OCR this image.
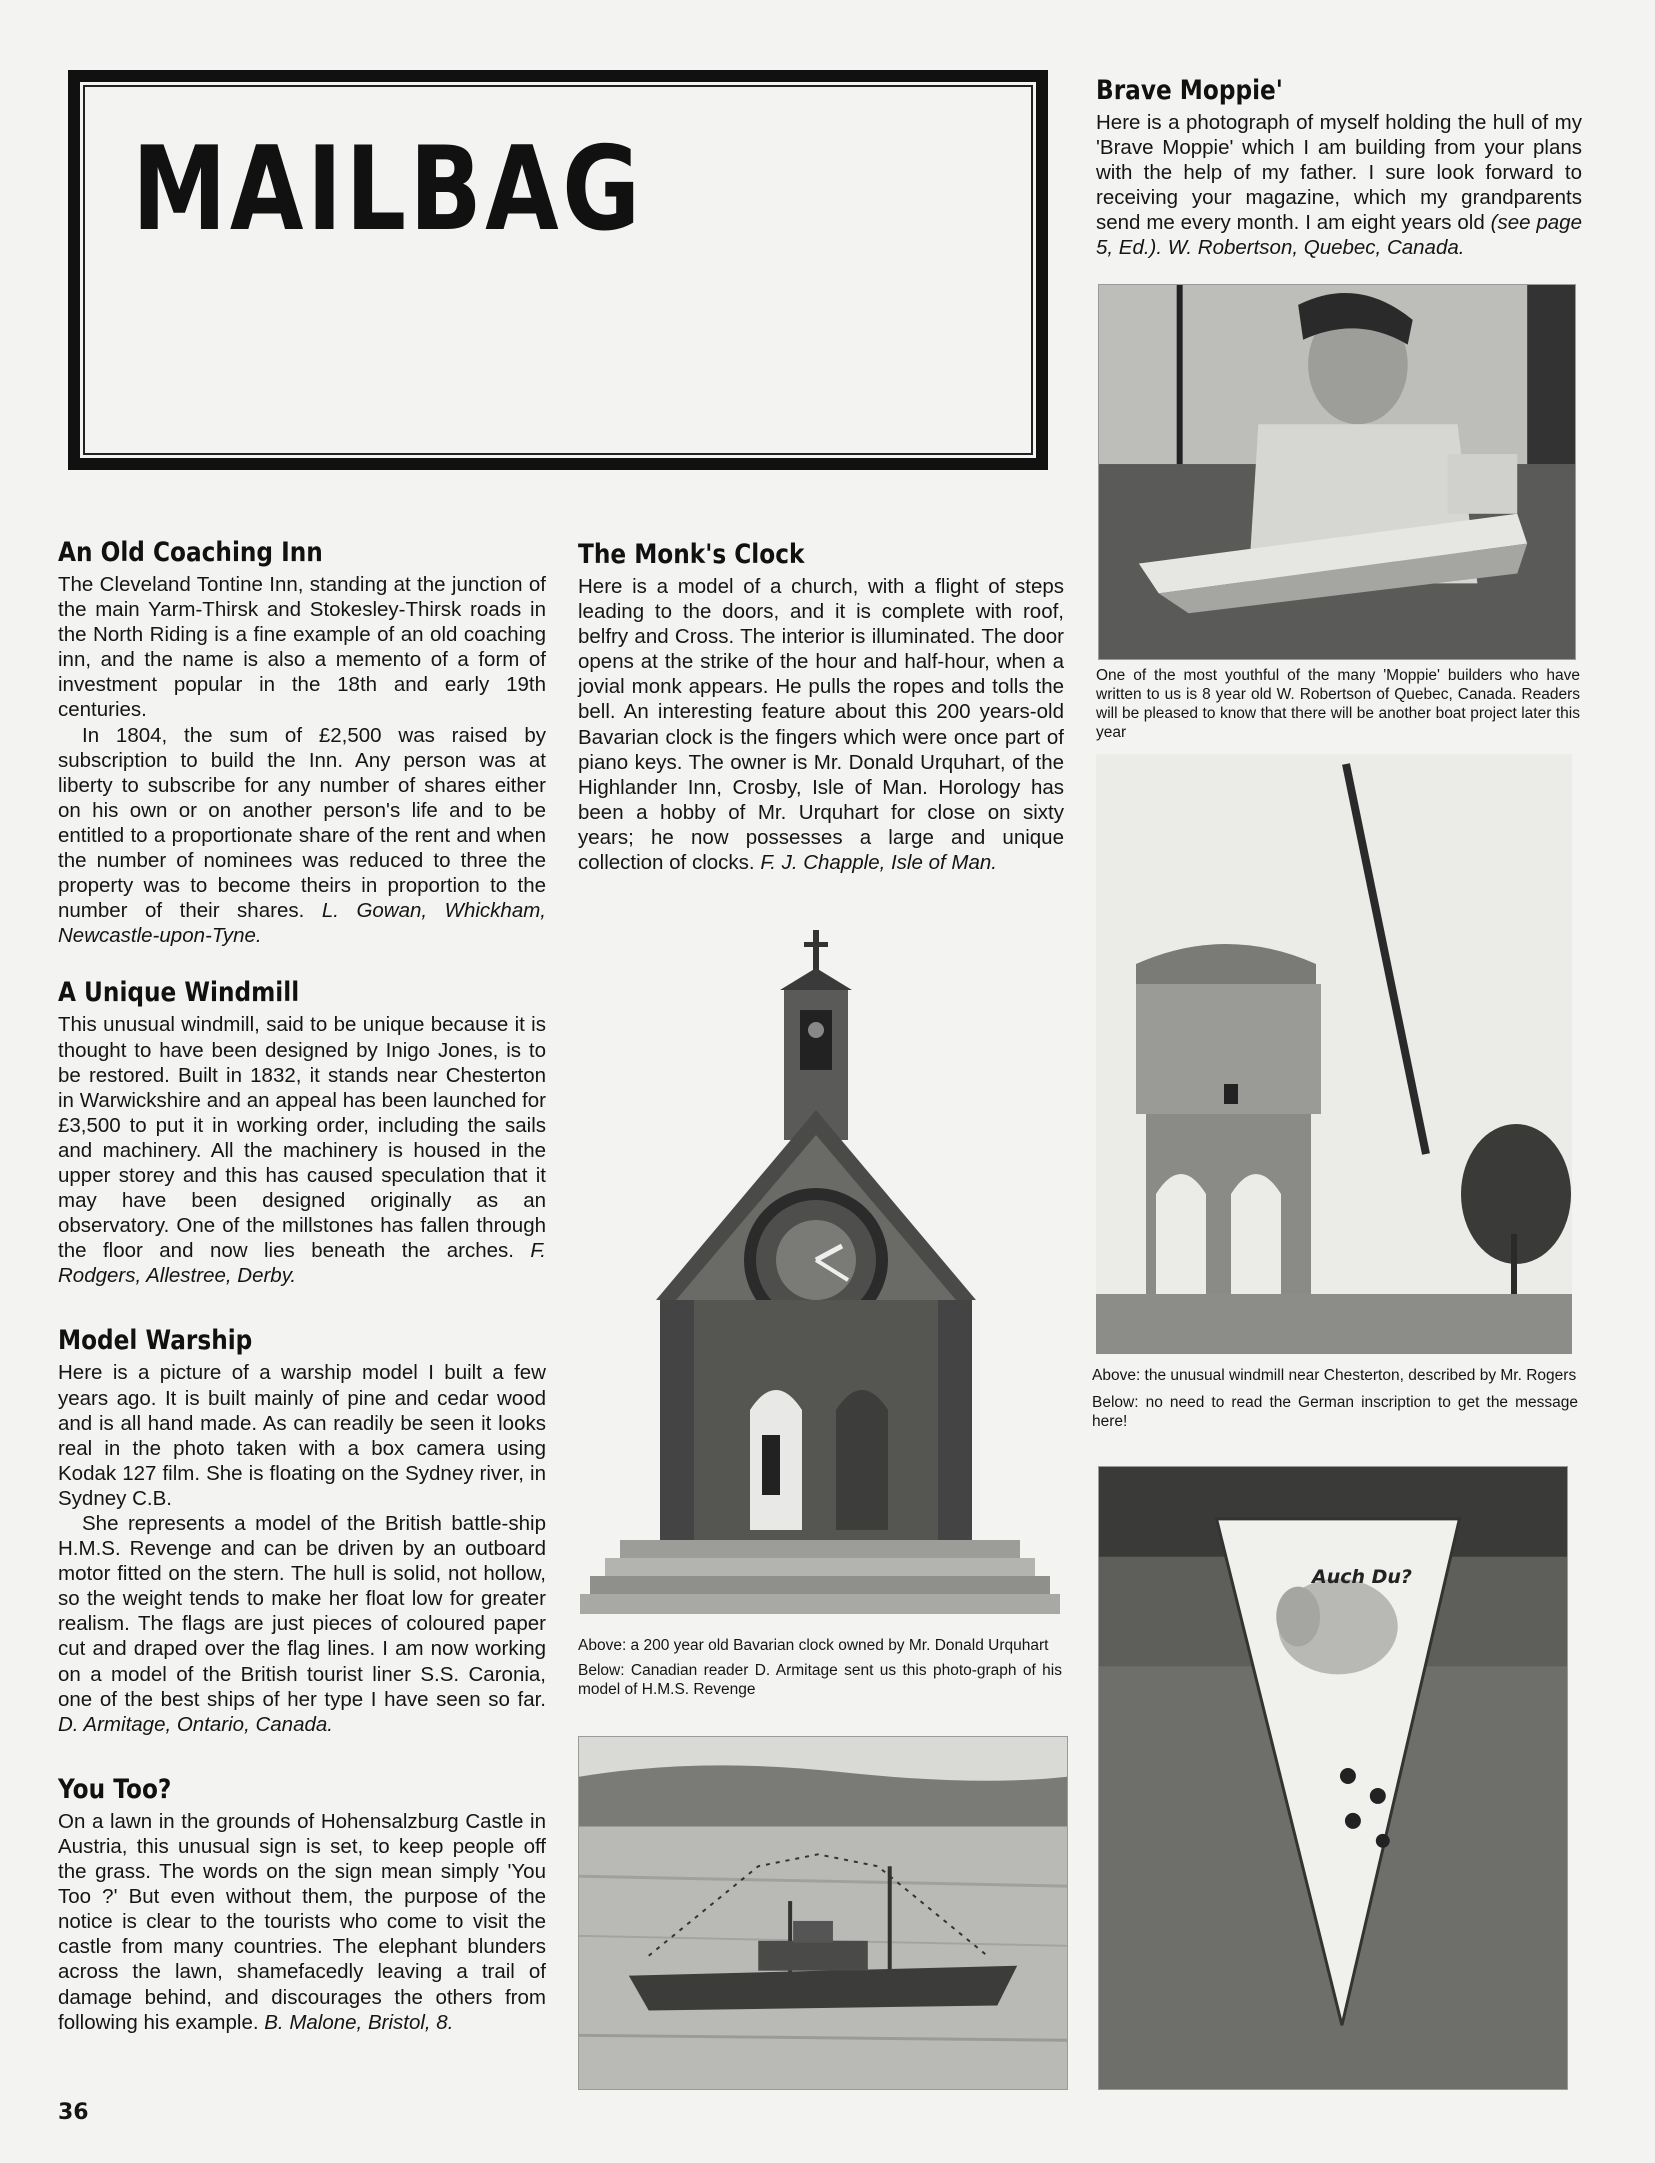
MAILBAG
An Old Coaching Inn

The Cleveland Tontine Inn, standing at the junction of the main Yarm-Thirsk and Stokesley-Thirsk roads in the North Riding is a fine example of an old coaching inn, and the name is also a memento of a form of investment popular in the 18th and early 19th centuries.

In 1804, the sum of £2,500 was raised by subscription to build the Inn. Any person was at liberty to subscribe for any number of shares either on his own or on another person's life and to be entitled to a proportionate share of the rent and when the number of nominees was reduced to three the property was to become theirs in proportion to the number of their shares. L. Gowan, Whickham, Newcastle-upon-Tyne.

A Unique Windmill

This unusual windmill, said to be unique because it is thought to have been designed by Inigo Jones, is to be restored. Built in 1832, it stands near Chesterton in Warwickshire and an appeal has been launched for £3,500 to put it in working order, including the sails and machinery. All the machinery is housed in the upper storey and this has caused speculation that it may have been designed originally as an observatory. One of the millstones has fallen through the floor and now lies beneath the arches. F. Rodgers, Allestree, Derby.

Model Warship

Here is a picture of a warship model I built a few years ago. It is built mainly of pine and cedar wood and is all hand made. As can readily be seen it looks real in the photo taken with a box camera using Kodak 127 film. She is floating on the Sydney river, in Sydney C.B.

She represents a model of the British battle-ship H.M.S. Revenge and can be driven by an outboard motor fitted on the stern. The hull is solid, not hollow, so the weight tends to make her float low for greater realism. The flags are just pieces of coloured paper cut and draped over the flag lines. I am now working on a model of the British tourist liner S.S. Caronia, one of the best ships of her type I have seen so far. D. Armitage, Ontario, Canada.

You Too?

On a lawn in the grounds of Hohensalzburg Castle in Austria, this unusual sign is set, to keep people off the grass. The words on the sign mean simply 'You Too ?' But even without them, the purpose of the notice is clear to the tourists who come to visit the castle from many countries. The elephant blunders across the lawn, shamefacedly leaving a trail of damage behind, and discourages the others from following his example. B. Malone, Bristol, 8.

The Monk's Clock

Here is a model of a church, with a flight of steps leading to the doors, and it is complete with roof, belfry and Cross. The interior is illuminated. The door opens at the strike of the hour and half-hour, when a jovial monk appears. He pulls the ropes and tolls the bell. An interesting feature about this 200 years-old Bavarian clock is the fingers which were once part of piano keys. The owner is Mr. Donald Urquhart, of the Highlander Inn, Crosby, Isle of Man. Horology has been a hobby of Mr. Urquhart for close on sixty years; he now possesses a large and unique collection of clocks. F. J. Chapple, Isle of Man.

Above: a 200 year old Bavarian clock owned by Mr. Donald Urquhart

Below: Canadian reader D. Armitage sent us this photo-graph of his model of H.M.S. Revenge

Brave Moppie'

Here is a photograph of myself holding the hull of my 'Brave Moppie' which I am building from your plans with the help of my father. I sure look forward to receiving your magazine, which my grandparents send me every month. I am eight years old (see page 5, Ed.). W. Robertson, Quebec, Canada.

One of the most youthful of the many 'Moppie' builders who have written to us is 8 year old W. Robertson of Quebec, Canada. Readers will be pleased to know that there will be another boat project later this year

Above: the unusual windmill near Chesterton, described by Mr. Rogers

Below: no need to read the German inscription to get the message here!

Auch Du?
36
